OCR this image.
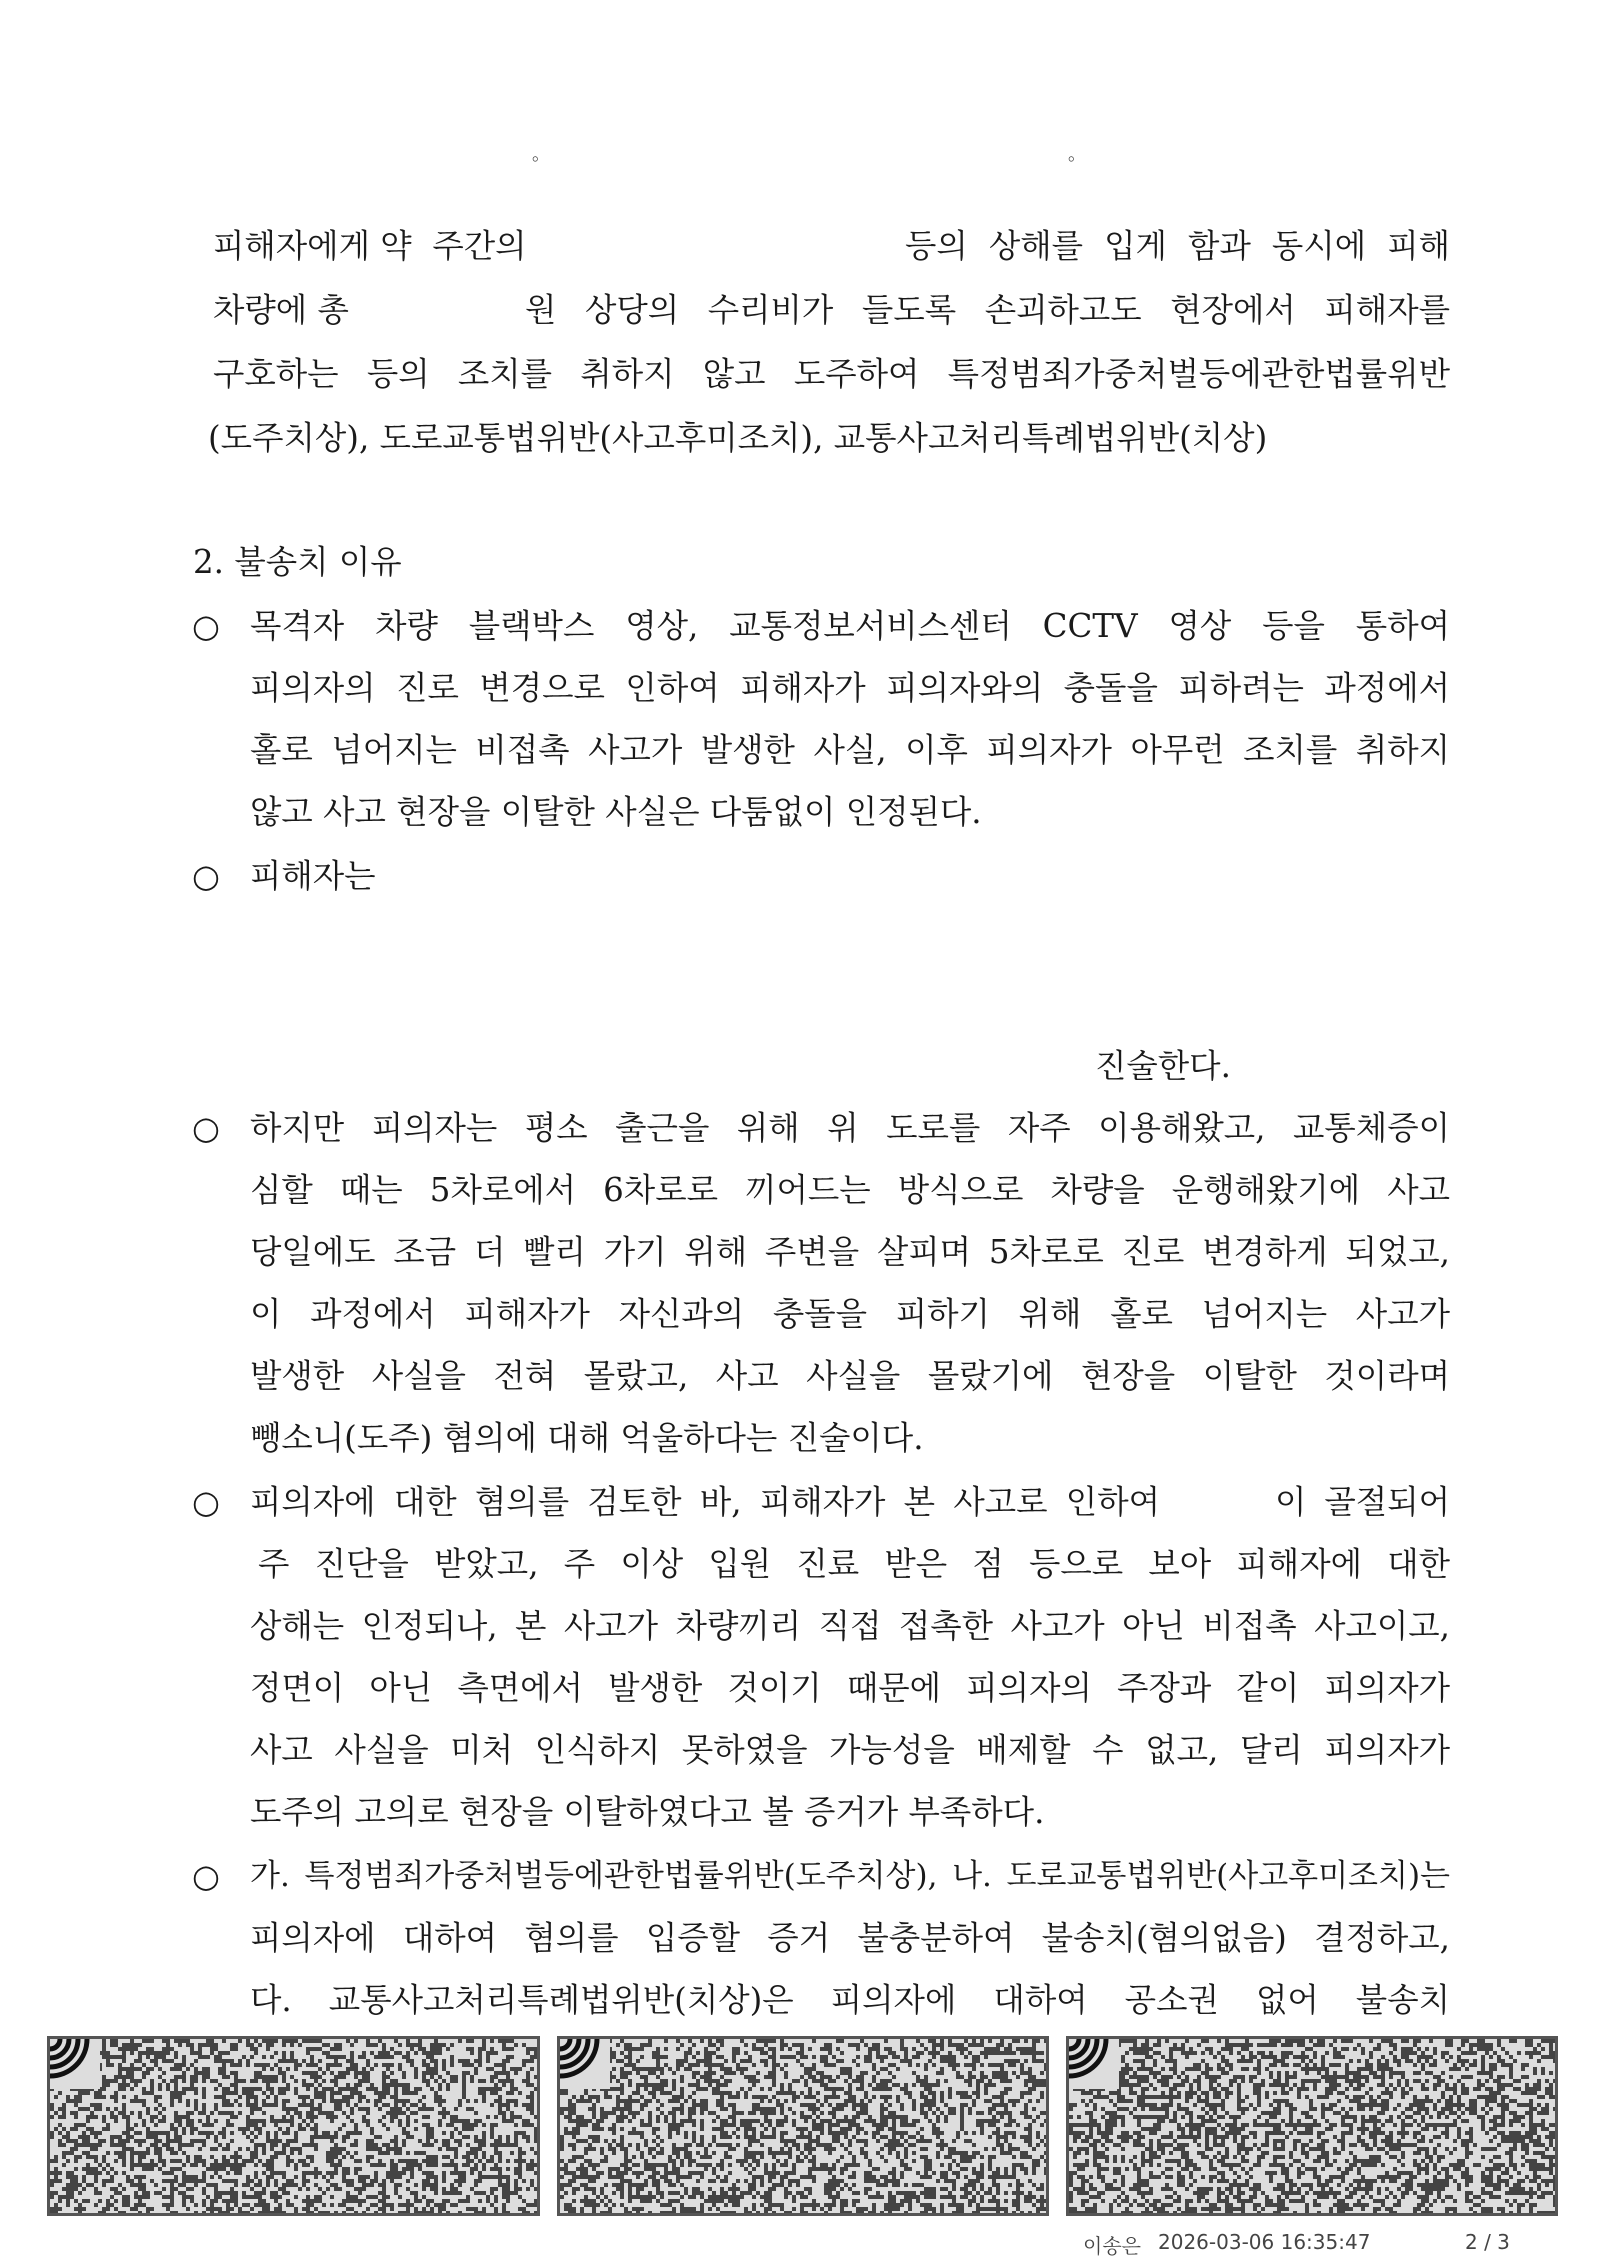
。	。
피해자에게 약  주간의	등의 상해를 입게 함과 동시에 피해
차량에 총	원 상당의 수리비가 들도록 손괴하고도 현장에서 피해자를
구호하는 등의 조치를 취하지 않고 도주하여 특정범죄가중처벌등에관한법률위반
(도주치상), 도로교통법위반(사고후미조치), 교통사고처리특례법위반(치상)
2. 불송치 이유
○ 목격자 차량 블랙박스 영상, 교통정보서비스센터 CCTV 영상 등을 통하여
피의자의 진로 변경으로 인하여 피해자가 피의자와의 충돌을 피하려는 과정에서
홀로 넘어지는 비접촉 사고가 발생한 사실, 이후 피의자가 아무런 조치를 취하지
않고 사고 현장을 이탈한 사실은 다툼없이 인정된다.
○ 피해자는
진술한다.
○ 하지만 피의자는 평소 출근을 위해 위 도로를 자주 이용해왔고, 교통체증이
심할 때는 5차로에서 6차로로 끼어드는 방식으로 차량을 운행해왔기에 사고
당일에도 조금 더 빨리 가기 위해 주변을 살피며 5차로로 진로 변경하게 되었고,
이 과정에서 피해자가 자신과의 충돌을 피하기 위해 홀로 넘어지는 사고가
발생한 사실을 전혀 몰랐고, 사고 사실을 몰랐기에 현장을 이탈한 것이라며
뺑소니(도주) 혐의에 대해 억울하다는 진술이다.
○ 피의자에 대한 혐의를 검토한 바, 피해자가 본 사고로 인하여	이 골절되어
주 진단을 받았고, 주 이상 입원 진료 받은 점 등으로 보아 피해자에 대한
상해는 인정되나, 본 사고가 차량끼리 직접 접촉한 사고가 아닌 비접촉 사고이고,
정면이 아닌 측면에서 발생한 것이기 때문에 피의자의 주장과 같이 피의자가
사고 사실을 미처 인식하지 못하였을 가능성을 배제할 수 없고, 달리 피의자가
도주의 고의로 현장을 이탈하였다고 볼 증거가 부족하다.
○ 가. 특정범죄가중처벌등에관한법률위반(도주치상), 나. 도로교통법위반(사고후미조치)는
피의자에 대하여 혐의를 입증할 증거 불충분하여 불송치(혐의없음) 결정하고,
다. 교통사고처리특례법위반(치상)은 피의자에 대하여 공소권 없어 불송치
이송은 2026-03-06 16:35:47	2 / 3
